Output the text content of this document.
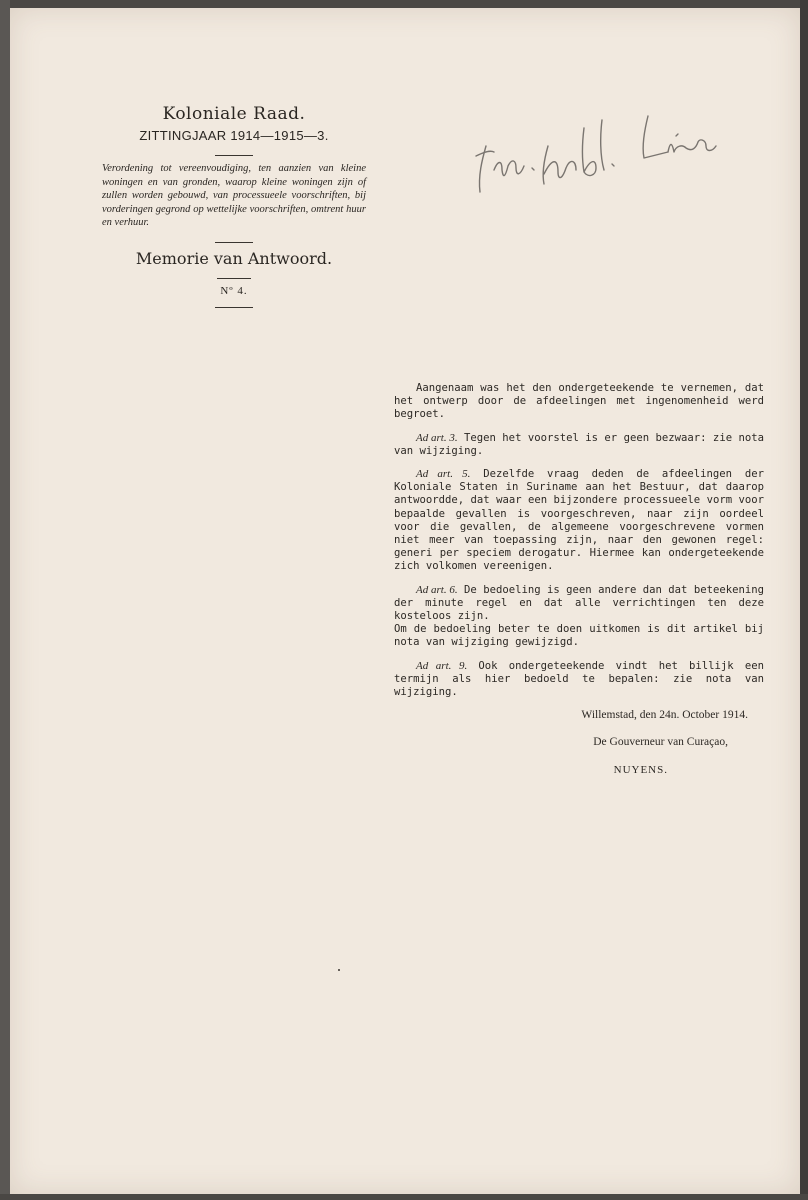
Koloniale Raad.
ZITTINGJAAR 1914—1915—3.
Verordening tot vereenvoudiging, ten aanzien van kleine woningen en van gronden, waarop kleine woningen zijn of zullen worden gebouwd, van processueele voorschriften, bij vorderingen gegrond op wettelijke voorschriften, omtrent huur en verhuur.
Memorie van Antwoord.
Nº 4.
Inv. Mbl. Lieder

Aangenaam was het den ondergeteekende te vernemen, dat het ontwerp door de afdeelingen met ingenomenheid werd begroet.

Ad art. 3. Tegen het voorstel is er geen bezwaar: zie nota van wijziging.

Ad art. 5. Dezelfde vraag deden de afdeelingen der Koloniale Staten in Suriname aan het Bestuur, dat daarop antwoordde, dat waar een bijzondere processueele vorm voor bepaalde gevallen is voorgeschreven, naar zijn oordeel voor die gevallen, de algemeene voorgeschrevene vormen niet meer van toepassing zijn, naar den gewonen regel: generi per speciem derogatur. Hiermee kan ondergeteekende zich volkomen vereenigen.

Ad art. 6. De bedoeling is geen andere dan dat beteekening der minute regel en dat alle verrichtingen ten deze kosteloos zijn.

Om de bedoeling beter te doen uitkomen is dit artikel bij nota van wijziging gewijzigd.

Ad art. 9. Ook ondergeteekende vindt het billijk een termijn als hier bedoeld te bepalen: zie nota van wijziging.

Willemstad, den 24n. October 1914.
De Gouverneur van Curaçao,
NUYENS.
